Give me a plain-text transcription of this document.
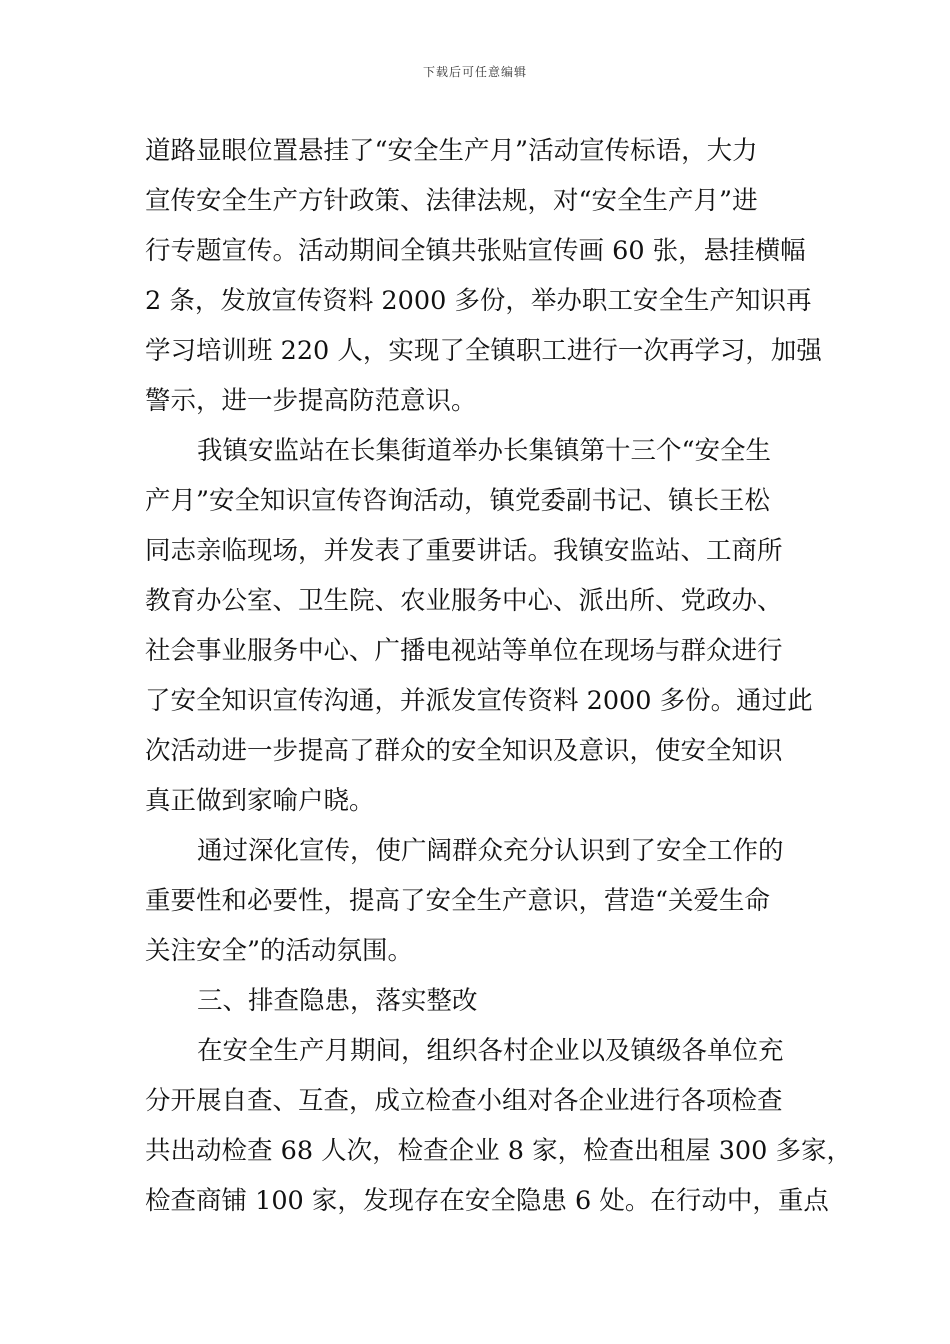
下载后可任意编辑
道路显眼位置悬挂了“安全生产月”活动宣传标语，大力
宣传安全生产方针政策、法律法规，对“安全生产月”进
行专题宣传。活动期间全镇共张贴宣传画 60 张，悬挂横幅
2 条，发放宣传资料 2000 多份，举办职工安全生产知识再
学习培训班 220 人，实现了全镇职工进行一次再学习，加强
警示，进一步提高防范意识。
我镇安监站在长集街道举办长集镇第十三个“安全生
产月”安全知识宣传咨询活动，镇党委副书记、镇长王松
同志亲临现场，并发表了重要讲话。我镇安监站、工商所
教育办公室、卫生院、农业服务中心、派出所、党政办、
社会事业服务中心、广播电视站等单位在现场与群众进行
了安全知识宣传沟通，并派发宣传资料 2000 多份。通过此
次活动进一步提高了群众的安全知识及意识，使安全知识
真正做到家喻户晓。
通过深化宣传，使广阔群众充分认识到了安全工作的
重要性和必要性，提高了安全生产意识，营造“关爱生命
关注安全”的活动氛围。
三、排查隐患，落实整改
在安全生产月期间，组织各村企业以及镇级各单位充
分开展自查、互查，成立检查小组对各企业进行各项检查
共出动检查 68 人次，检查企业 8 家，检查出租屋 300 多家，
检查商铺 100 家，发现存在安全隐患 6 处。在行动中，重点
